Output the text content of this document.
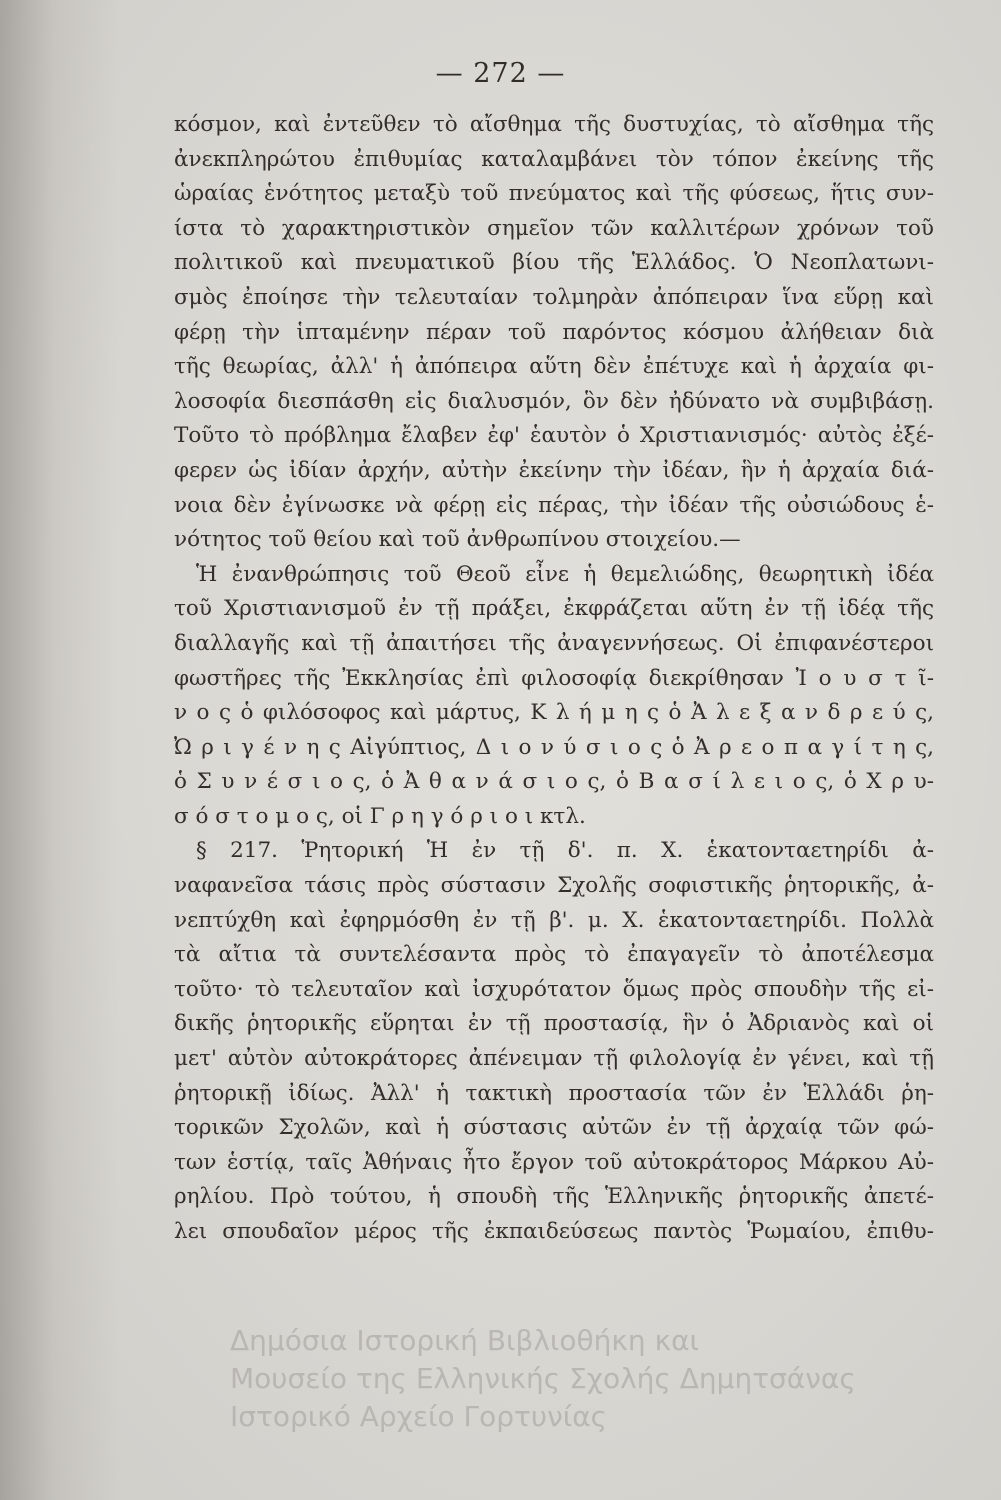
— 272 —
κόσμον, καὶ ἐντεῦθεν τὸ αἴσθημα τῆς δυστυχίας, τὸ αἴσθημα τῆς
ἀνεκπληρώτου ἐπιθυμίας καταλαμβάνει τὸν τόπον ἐκείνης τῆς
ὡραίας ἑνότητος μεταξὺ τοῦ πνεύματος καὶ τῆς φύσεως, ἥτις συν-
ίστα τὸ χαρακτηριστικὸν σημεῖον τῶν καλλιτέρων χρόνων τοῦ
πολιτικοῦ καὶ πνευματικοῦ βίου τῆς Ἑλλάδος. Ὁ Νεοπλατωνι-
σμὸς ἐποίησε τὴν τελευταίαν τολμηρὰν ἀπόπειραν ἵνα εὕρῃ καὶ
φέρῃ τὴν ἱπταμένην πέραν τοῦ παρόντος κόσμου ἀλήθειαν διὰ
τῆς θεωρίας, ἀλλ' ἡ ἀπόπειρα αὕτη δὲν ἐπέτυχε καὶ ἡ ἀρχαία φι-
λοσοφία διεσπάσθη εἰς διαλυσμόν, ὃν δὲν ἠδύνατο νὰ συμβιβάσῃ.
Τοῦτο τὸ πρόβλημα ἔλαβεν ἐφ' ἑαυτὸν ὁ Χριστιανισμός· αὐτὸς ἐξέ-
φερεν ὡς ἰδίαν ἀρχήν, αὐτὴν ἐκείνην τὴν ἰδέαν, ἣν ἡ ἀρχαία διά-
νοια δὲν ἐγίνωσκε νὰ φέρῃ εἰς πέρας, τὴν ἰδέαν τῆς οὐσιώδους ἑ-
νότητος τοῦ θείου καὶ τοῦ ἀνθρωπίνου στοιχείου.—
Ἡ ἐνανθρώπησις τοῦ Θεοῦ εἶνε ἡ θεμελιώδης, θεωρητικὴ ἰδέα
τοῦ Χριστιανισμοῦ ἐν τῇ πράξει, ἐκφράζεται αὕτη ἐν τῇ ἰδέᾳ τῆς
διαλλαγῆς καὶ τῇ ἀπαιτήσει τῆς ἀναγεννήσεως. Οἱ ἐπιφανέστεροι
φωστῆρες τῆς Ἐκκλησίας ἐπὶ φιλοσοφίᾳ διεκρίθησαν Ἰ ο υ σ τ ῖ-
ν ο ς ὁ φιλόσοφος καὶ μάρτυς, Κ λ ή μ η ς ὁ Ἀ λ ε ξ α ν δ ρ ε ύ ς,
Ὠ ρ ι γ έ ν η ς Αἰγύπτιος, Δ ι ο ν ύ σ ι ο ς ὁ Ἀ ρ ε ο π α γ ί τ η ς,
ὁ Σ υ ν έ σ ι ο ς, ὁ Ἀ θ α ν ά σ ι ο ς, ὁ Β α σ ί λ ε ι ο ς, ὁ Χ ρ υ-
σ ό σ τ ο μ ο ς, οἱ Γ ρ η γ ό ρ ι ο ι κτλ.
§ 217. Ῥητορική Ἡ ἐν τῇ δ'. π. Χ. ἑκατονταετηρίδι ἀ-
ναφανεῖσα τάσις πρὸς σύστασιν Σχολῆς σοφιστικῆς ῥητορικῆς, ἀ-
νεπτύχθη καὶ ἐφηρμόσθη ἐν τῇ β'. μ. Χ. ἑκατονταετηρίδι. Πολλὰ
τὰ αἴτια τὰ συντελέσαντα πρὸς τὸ ἐπαγαγεῖν τὸ ἀποτέλεσμα
τοῦτο· τὸ τελευταῖον καὶ ἰσχυρότατον ὅμως πρὸς σπουδὴν τῆς εἰ-
δικῆς ῥητορικῆς εὕρηται ἐν τῇ προστασίᾳ, ἣν ὁ Ἀδριανὸς καὶ οἱ
μετ' αὐτὸν αὐτοκράτορες ἀπένειμαν τῇ φιλολογίᾳ ἐν γένει, καὶ τῇ
ῥητορικῇ ἰδίως. Ἀλλ' ἡ τακτικὴ προστασία τῶν ἐν Ἑλλάδι ῥη-
τορικῶν Σχολῶν, καὶ ἡ σύστασις αὐτῶν ἐν τῇ ἀρχαίᾳ τῶν φώ-
των ἑστίᾳ, ταῖς Ἀθήναις ἦτο ἔργον τοῦ αὐτοκράτορος Μάρκου Αὐ-
ρηλίου. Πρὸ τούτου, ἡ σπουδὴ τῆς Ἑλληνικῆς ῥητορικῆς ἀπετέ-
λει σπουδαῖον μέρος τῆς ἐκπαιδεύσεως παντὸς Ῥωμαίου, ἐπιθυ-
Δημόσια Ιστορική Βιβλιοθήκη και
Μουσείο της Ελληνικής Σχολής Δημητσάνας
Ιστορικό Αρχείο Γορτυνίας
